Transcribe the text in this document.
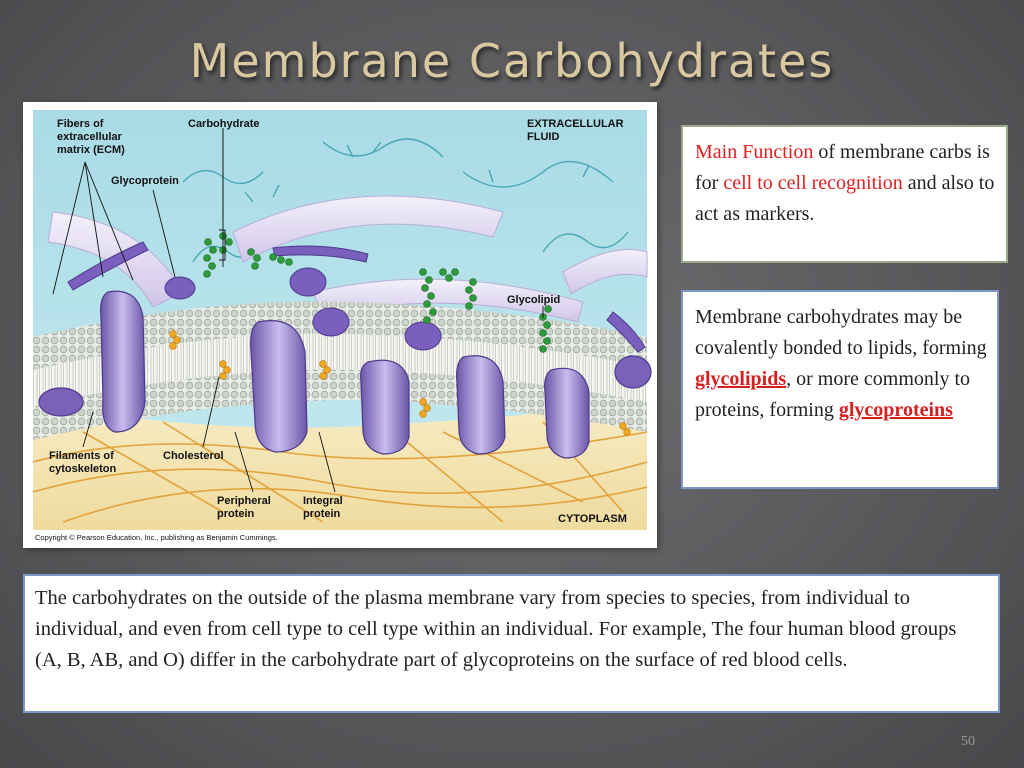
Membrane Carbohydrates
Fibers of
extracellular
matrix (ECM)
Carbohydrate	EXTRACELLULAR
FLUID
Glycoprotein
Glycolipid
Filaments of
cytoskeleton
Cholesterol
Peripheral
protein
Integral
protein	CYTOPLASM
Copyright © Pearson Education, Inc., publishing as Benjamin Cummings.
Main Function of membrane carbs is for cell to cell recognition and also to act as markers.
Membrane carbohydrates may be covalently bonded to lipids, forming glycolipids, or more commonly to proteins, forming glycoproteins
The carbohydrates on the outside of the plasma membrane vary from species to species, from individual to individual, and even from cell type to cell type within an individual. For example, The four human blood groups (A, B, AB, and O) differ in the carbohydrate part of glycoproteins on the surface of red blood cells.
50
